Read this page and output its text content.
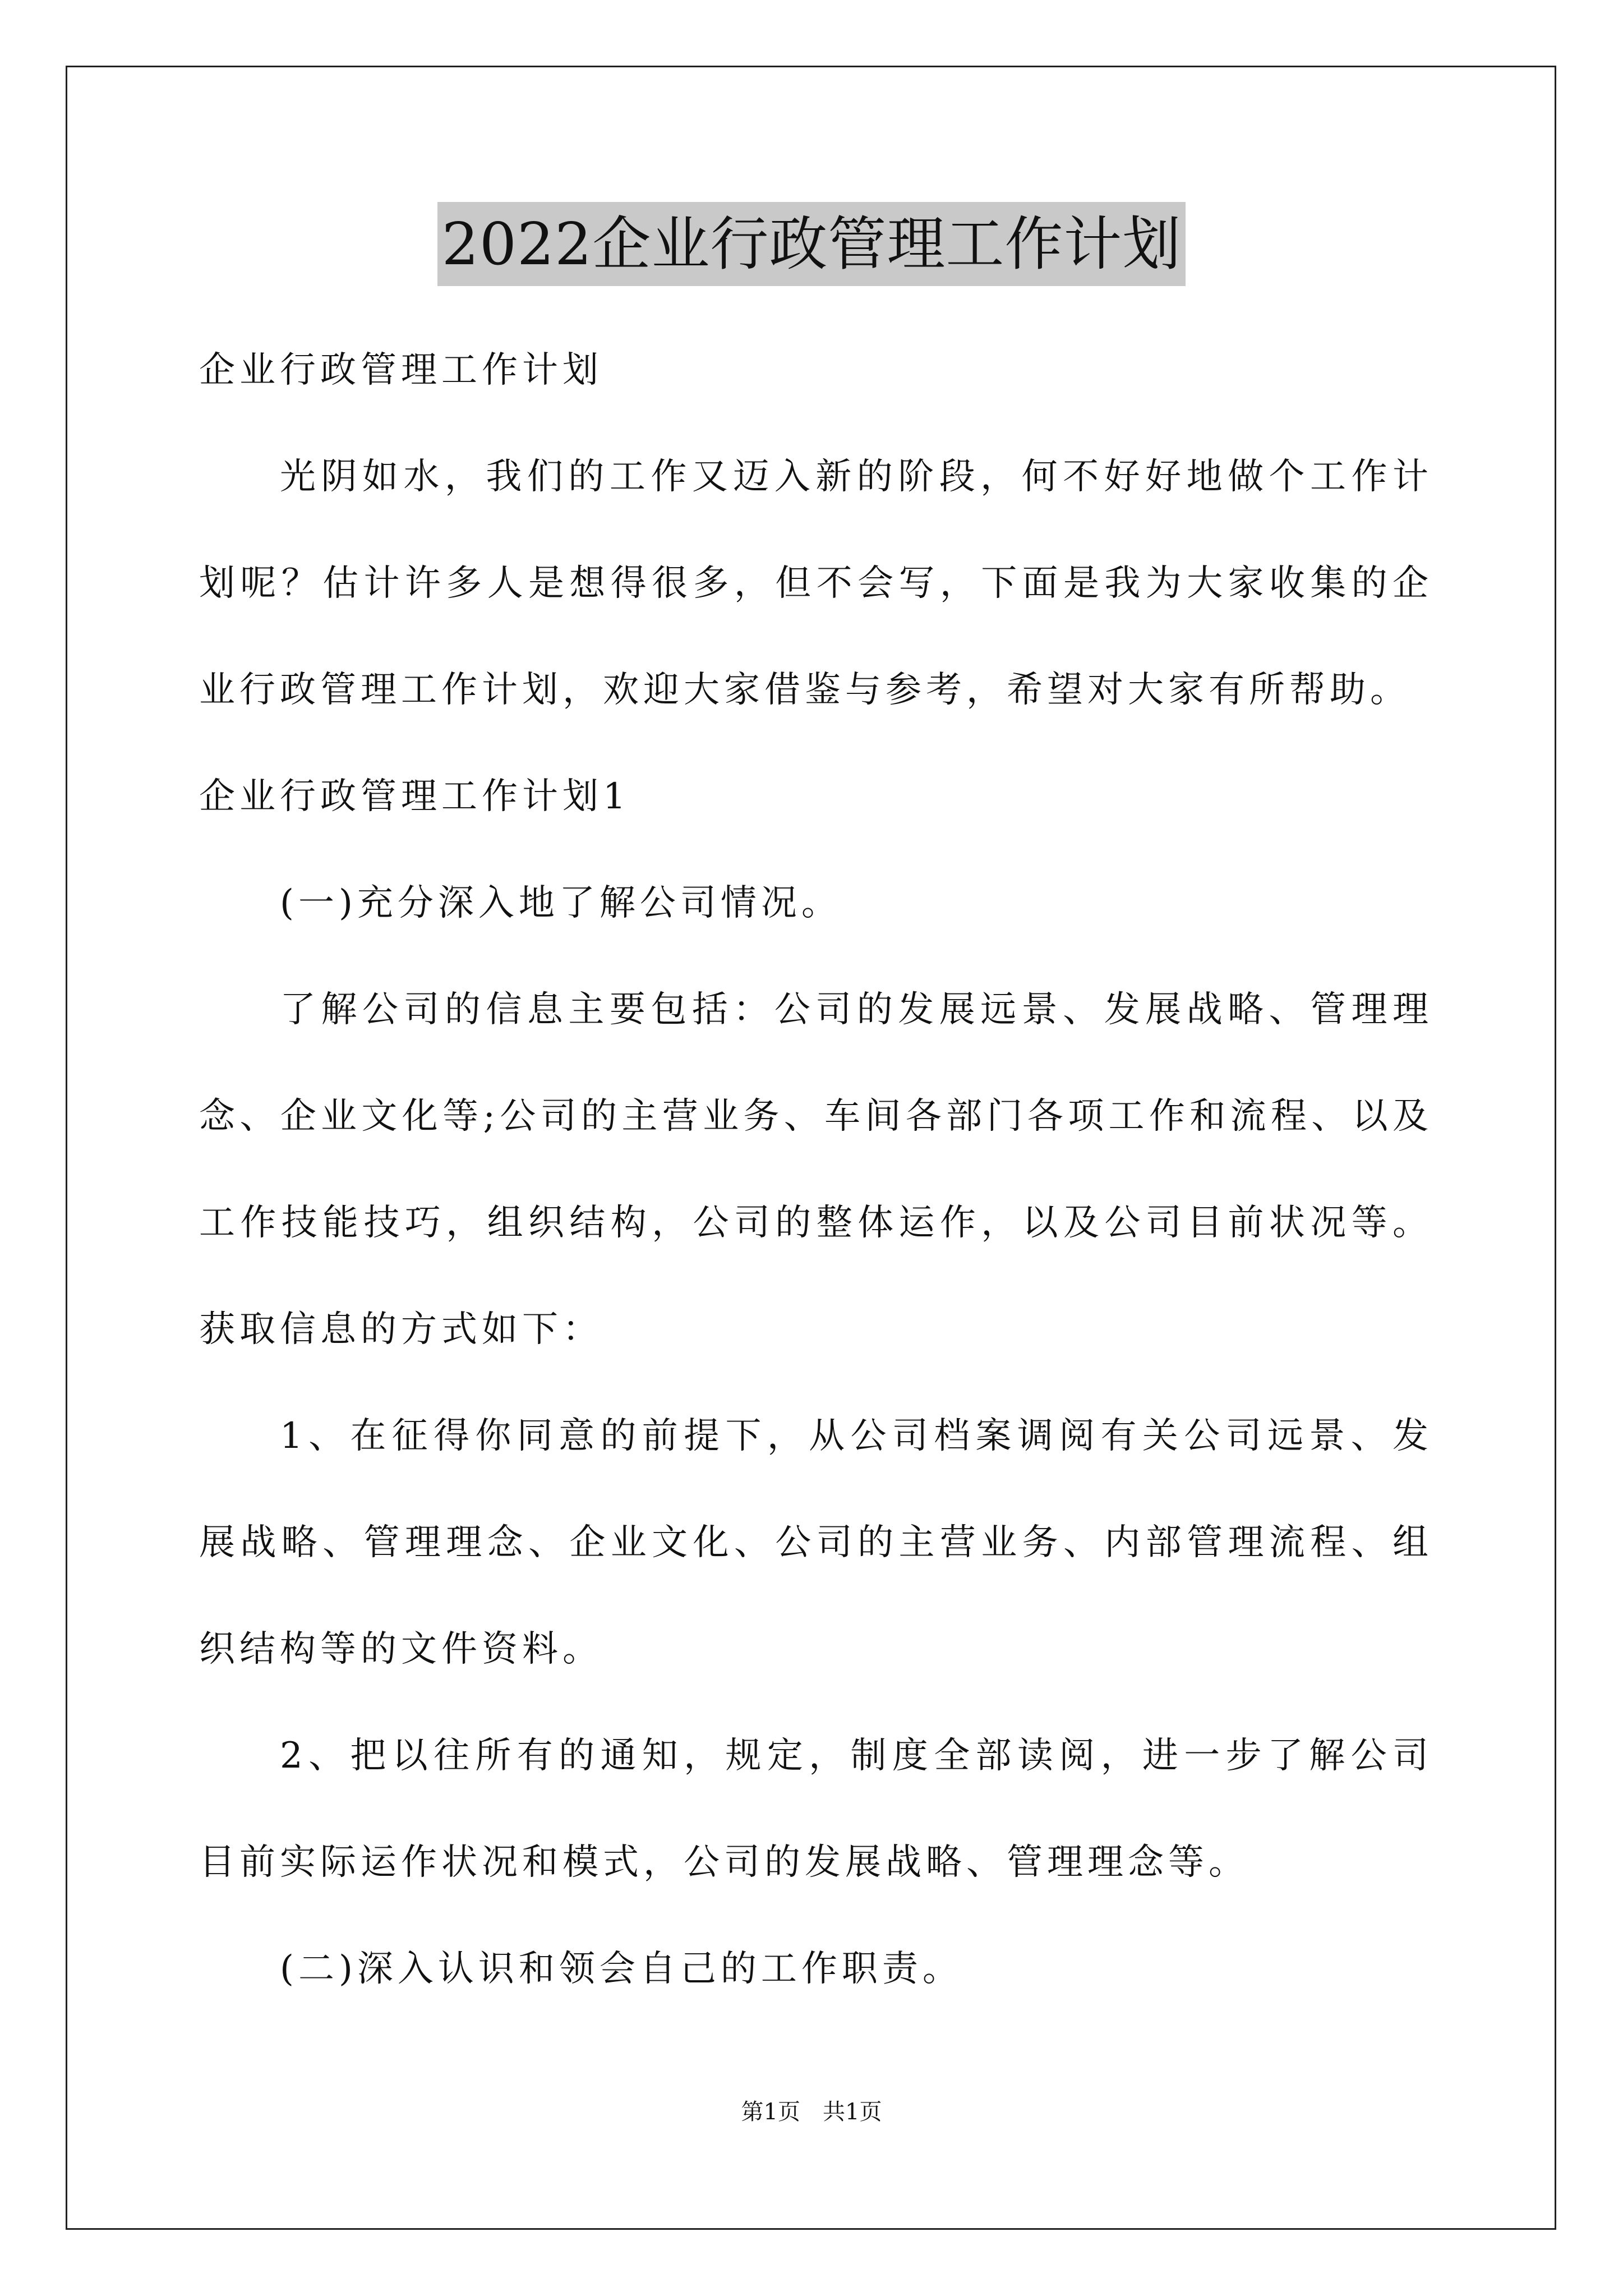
2022企业行政管理工作计划

企业行政管理工作计划

光阴如水，我们的工作又迈入新的阶段，何不好好地做个工作计划呢？估计许多人是想得很多，但不会写，下面是我为大家收集的企业行政管理工作计划，欢迎大家借鉴与参考，希望对大家有所帮助。

企业行政管理工作计划1

(一)充分深入地了解公司情况。

了解公司的信息主要包括：公司的发展远景、发展战略、管理理念、企业文化等;公司的主营业务、车间各部门各项工作和流程、以及工作技能技巧，组织结构，公司的整体运作，以及公司目前状况等。获取信息的方式如下：

1、在征得你同意的前提下，从公司档案调阅有关公司远景、发展战略、管理理念、企业文化、公司的主营业务、内部管理流程、组织结构等的文件资料。

2、把以往所有的通知，规定，制度全部读阅，进一步了解公司目前实际运作状况和模式，公司的发展战略、管理理念等。

(二)深入认识和领会自己的工作职责。

第1页 共1页
